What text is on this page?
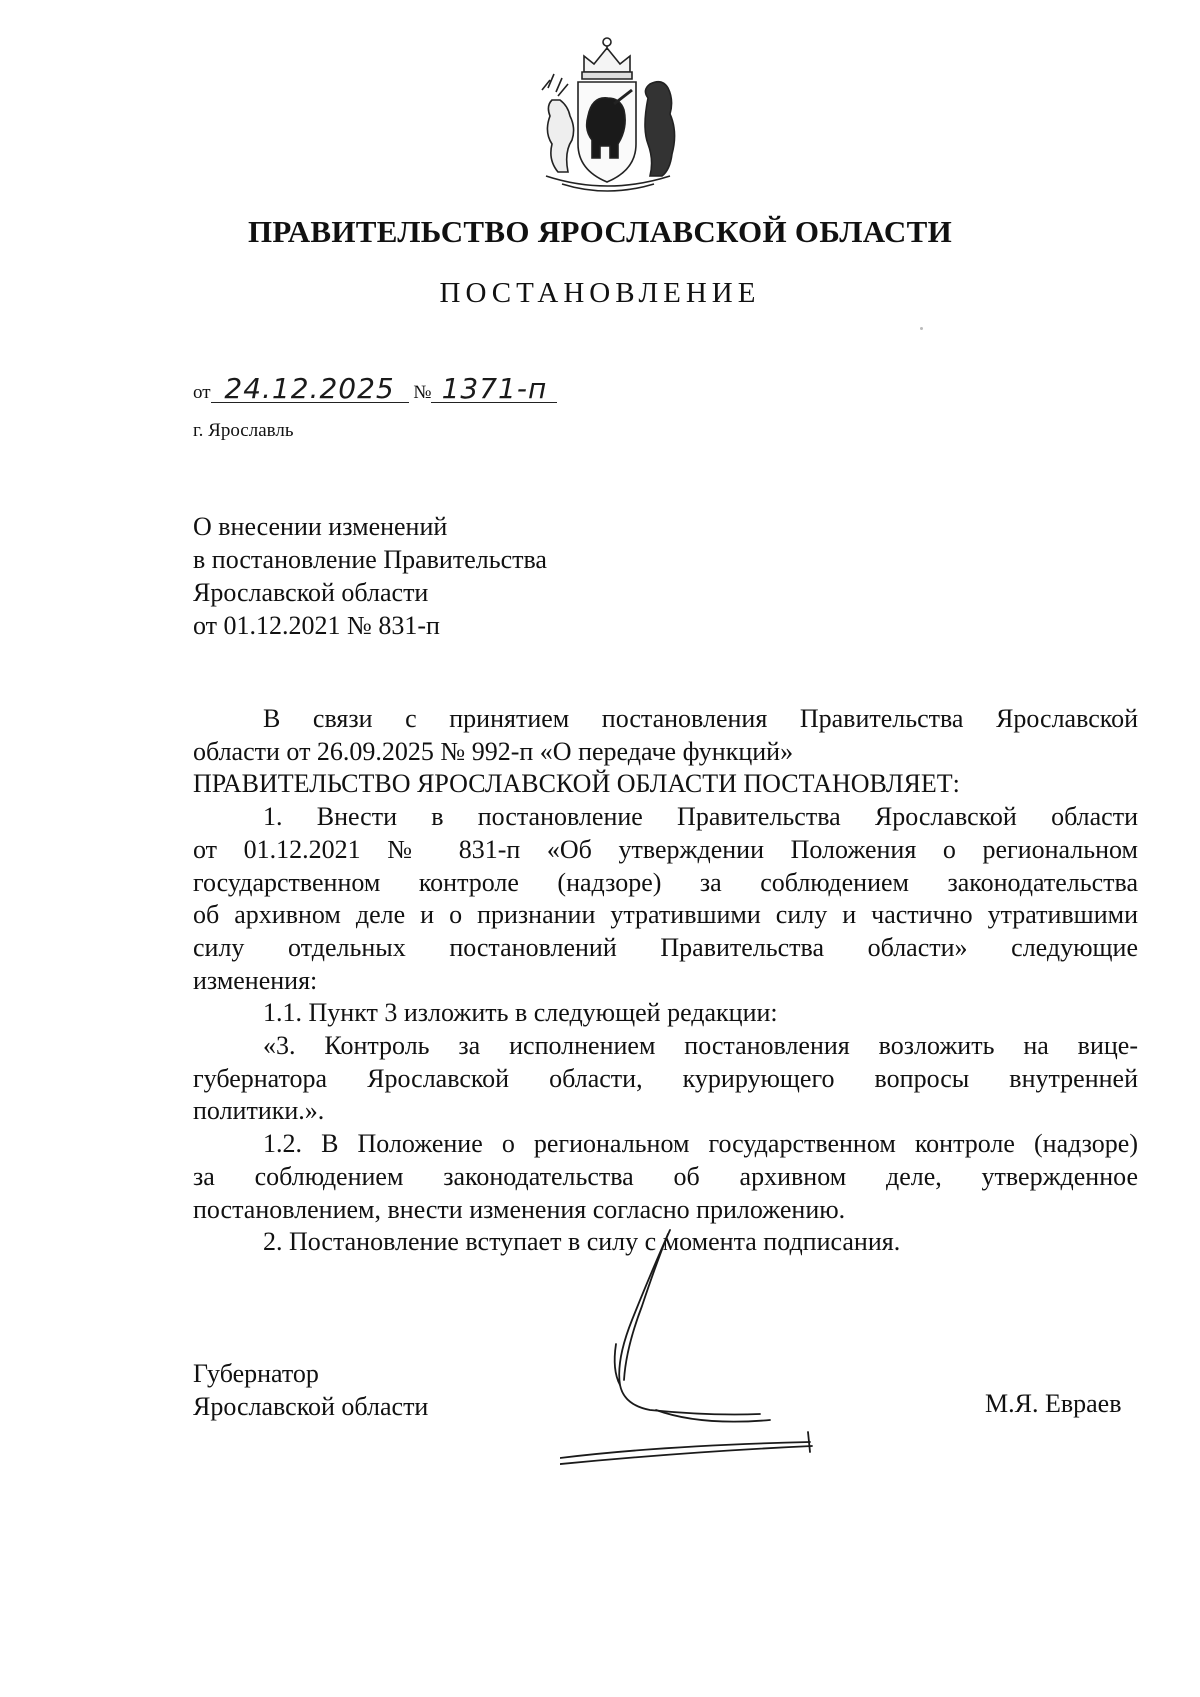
ПРАВИТЕЛЬСТВО ЯРОСЛАВСКОЙ ОБЛАСТИ
ПОСТАНОВЛЕНИЕ
от 24.12.2025 № 1371-п
г. Ярославль
О внесении изменений
в постановление Правительства
Ярославской области
от 01.12.2021 № 831-п

В связи с принятием постановления Правительства Ярославской

области от 26.09.2025 № 992-п «О передаче функций»

ПРАВИТЕЛЬСТВО ЯРОСЛАВСКОЙ ОБЛАСТИ ПОСТАНОВЛЯЕТ:

1. Внести в постановление Правительства Ярославской области

от 01.12.2021 № 831-п «Об утверждении Положения о региональном

государственном контроле (надзоре) за соблюдением законодательства

об архивном деле и о признании утратившими силу и частично утратившими

силу отдельных постановлений Правительства области» следующие

изменения:

1.1. Пункт 3 изложить в следующей редакции:

«3. Контроль за исполнением постановления возложить на вице-

губернатора Ярославской области, курирующего вопросы внутренней

политики.».

1.2. В Положение о региональном государственном контроле (надзоре)

за соблюдением законодательства об архивном деле, утвержденное

постановлением, внести изменения согласно приложению.

2. Постановление вступает в силу с момента подписания.

Губернатор
Ярославской области	М.Я. Евраев
